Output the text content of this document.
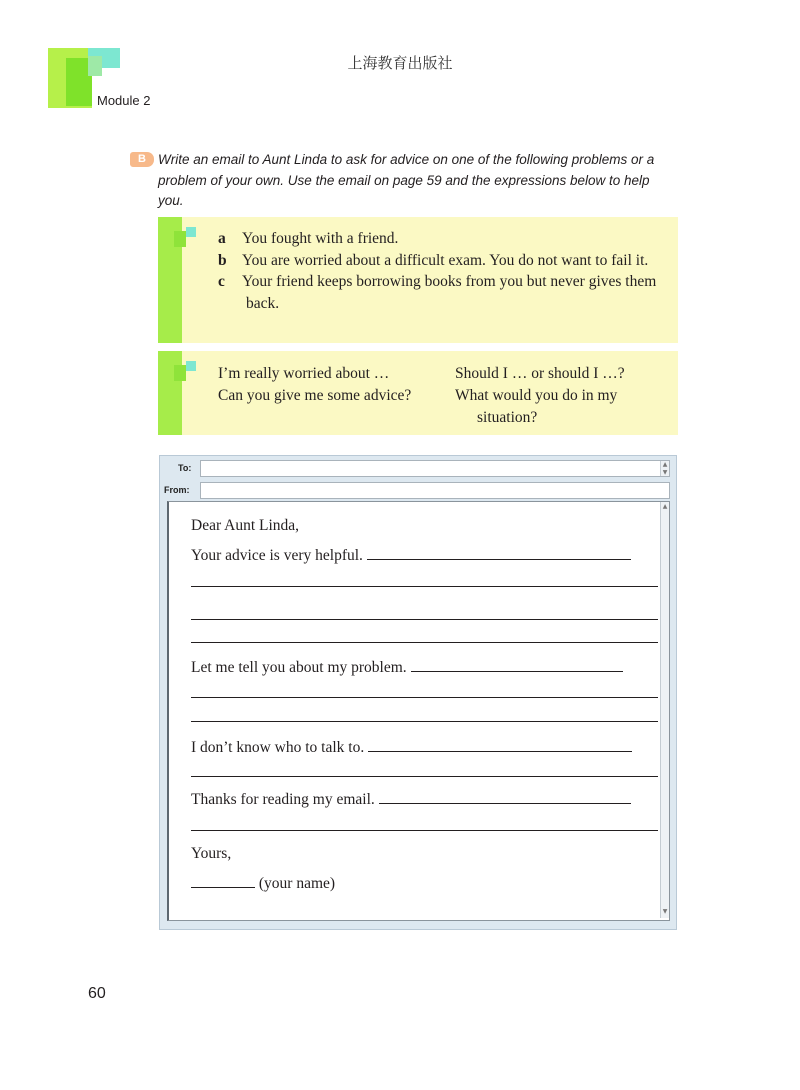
上海教育出版社
Module 2
B Write an email to Aunt Linda to ask for advice on one of the following problems or a problem of your own. Use the email on page 59 and the expressions below to help you.
a You fought with a friend.
b You are worried about a difficult exam. You do not want to fail it.
c Your friend keeps borrowing books from you but never gives them back.
I’m really worried about …	Should I … or should I …?
Can you give me some advice?	What would you do in my situation?
To:	▲
▼
From:
Dear Aunt Linda,
Your advice is very helpful.
Let me tell you about my problem.
I don’t know who to talk to.
Thanks for reading my email.
Yours,
(your name)
▲
▼
60
